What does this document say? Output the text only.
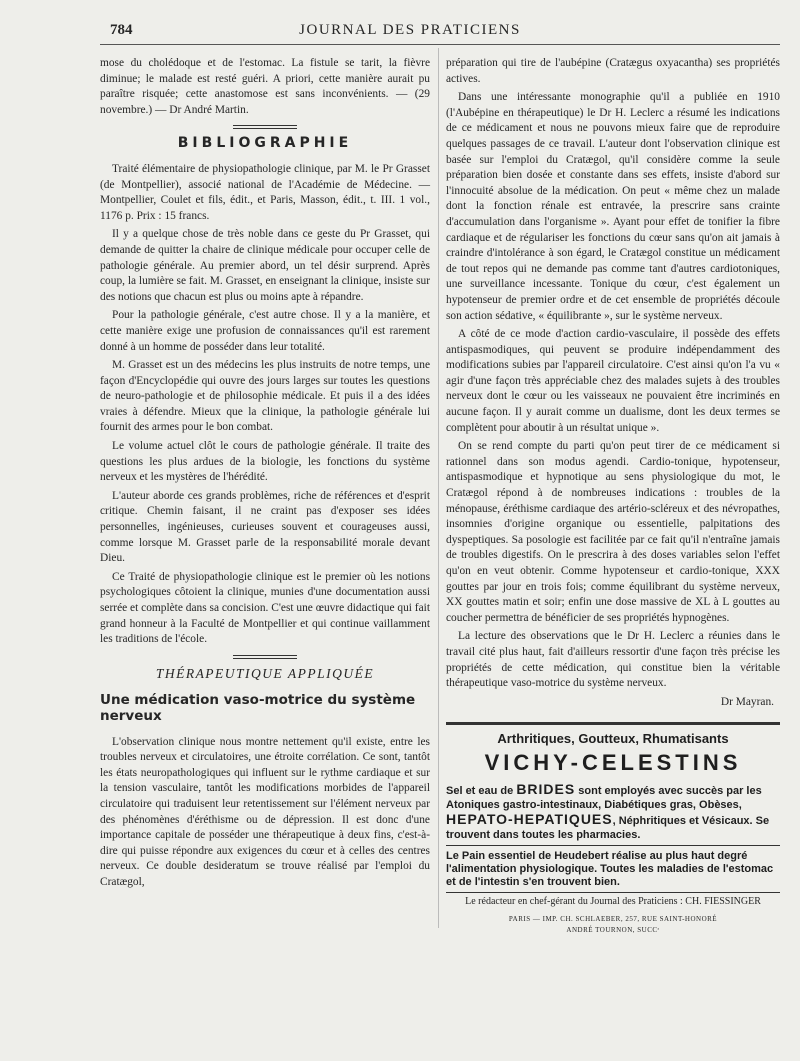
784	JOURNAL DES PRATICIENS

mose du cholédoque et de l'estomac. La fistule se tarit, la fièvre diminue; le malade est resté guéri. A priori, cette manière aurait pu paraître risquée; cette anastomose est sans inconvénients. — (29 novembre.) — Dr André Martin.

BIBLIOGRAPHIE

Traité élémentaire de physiopathologie clinique, par M. le Pr Grasset (de Montpellier), associé national de l'Académie de Médecine. — Montpellier, Coulet et fils, édit., et Paris, Masson, édit., t. III. 1 vol., 1176 p. Prix : 15 francs.

Il y a quelque chose de très noble dans ce geste du Pr Grasset, qui demande de quitter la chaire de clinique médicale pour occuper celle de pathologie générale. Au premier abord, un tel désir surprend. Après coup, la lumière se fait. M. Grasset, en enseignant la clinique, insiste sur des notions que chacun est plus ou moins apte à répandre.

Pour la pathologie générale, c'est autre chose. Il y a la manière, et cette manière exige une profusion de connaissances qu'il est rarement donné à un homme de posséder dans leur totalité.

M. Grasset est un des médecins les plus instruits de notre temps, une façon d'Encyclopédie qui ouvre des jours larges sur toutes les questions de neuro-pathologie et de philosophie médicale. Et puis il a des idées vraies à défendre. Mieux que la clinique, la pathologie générale lui fournit des armes pour le bon combat.

Le volume actuel clôt le cours de pathologie générale. Il traite des questions les plus ardues de la biologie, les fonctions du système nerveux et les mystères de l'hérédité.

L'auteur aborde ces grands problèmes, riche de références et d'esprit critique. Chemin faisant, il ne craint pas d'exposer ses idées personnelles, ingénieuses, curieuses souvent et courageuses aussi, comme lorsque M. Grasset parle de la responsabilité morale devant Dieu.

Ce Traité de physiopathologie clinique est le premier où les notions psychologiques côtoient la clinique, munies d'une documentation aussi serrée et complète dans sa concision. C'est une œuvre didactique qui fait grand honneur à la Faculté de Montpellier et qui continue vaillamment les traditions de l'école.

THÉRAPEUTIQUE APPLIQUÉE
Une médication vaso-motrice du système nerveux

L'observation clinique nous montre nettement qu'il existe, entre les troubles nerveux et circulatoires, une étroite corrélation. Ce sont, tantôt les états neuropathologiques qui influent sur le rythme cardiaque et sur la tension vasculaire, tantôt les modifications morbides de l'appareil circulatoire qui traduisent leur retentissement sur l'élément nerveux par des phénomènes d'éréthisme ou de dépression. Il est donc d'une importance capitale de posséder une thérapeutique à deux fins, c'est-à-dire qui puisse répondre aux exigences du cœur et à celles des centres nerveux. Ce double desideratum se trouve réalisé par l'emploi du Cratægol,

préparation qui tire de l'aubépine (Cratægus oxyacantha) ses propriétés actives.

Dans une intéressante monographie qu'il a publiée en 1910 (l'Aubépine en thérapeutique) le Dr H. Leclerc a résumé les indications de ce médicament et nous ne pouvons mieux faire que de reproduire quelques passages de ce travail. L'auteur dont l'observation clinique est basée sur l'emploi du Cratægol, qu'il considère comme la seule préparation bien dosée et constante dans ses effets, insiste d'abord sur l'innocuité absolue de la médication. On peut « même chez un malade dont la fonction rénale est entravée, la prescrire sans crainte d'accumulation dans l'organisme ». Ayant pour effet de tonifier la fibre cardiaque et de régulariser les fonctions du cœur sans qu'on ait jamais à craindre d'intolérance à son égard, le Cratægol constitue un médicament de tout repos qui ne demande pas comme tant d'autres cardiotoniques, une surveillance incessante. Tonique du cœur, c'est également un hypotenseur de premier ordre et de cet ensemble de propriétés découle son action sédative, « équilibrante », sur le système nerveux.

A côté de ce mode d'action cardio-vasculaire, il possède des effets antispasmodiques, qui peuvent se produire indépendamment des modifications subies par l'appareil circulatoire. C'est ainsi qu'on l'a vu « agir d'une façon très appréciable chez des malades sujets à des troubles nerveux dont le cœur ou les vaisseaux ne pouvaient être incriminés en aucune façon. Il y aurait comme un dualisme, dont les deux termes se complètent pour aboutir à un résultat unique ».

On se rend compte du parti qu'on peut tirer de ce médicament si rationnel dans son modus agendi. Cardio-tonique, hypotenseur, antispasmodique et hypnotique au sens physiologique du mot, le Cratægol répond à de nombreuses indications : troubles de la ménopause, éréthisme cardiaque des artério-scléreux et des névropathes, insomnies d'origine organique ou essentielle, palpitations des dyspeptiques. Sa posologie est facilitée par ce fait qu'il n'entraîne jamais de troubles digestifs. On le prescrira à des doses variables selon l'effet qu'on en veut obtenir. Comme hypotenseur et cardio-tonique, XXX gouttes par jour en trois fois; comme équilibrant du système nerveux, XX gouttes matin et soir; enfin une dose massive de XL à L gouttes au coucher permettra de bénéficier de ses propriétés hypnogènes.

La lecture des observations que le Dr H. Leclerc a réunies dans le travail cité plus haut, fait d'ailleurs ressortir d'une façon très précise les propriétés de cette médication, qui constitue bien la véritable thérapeutique vaso-motrice du système nerveux.

Dr Mayran.
Arthritiques, Goutteux, Rhumatisants
VICHY-CELESTINS
Sel et eau de BRIDES sont employés avec succès par les Atoniques gastro-intestinaux, Diabétiques gras, Obèses, HEPATO-HEPATIQUES, Néphritiques et Vésicaux. Se trouvent dans toutes les pharmacies.
Le Pain essentiel de Heudebert réalise au plus haut degré l'alimentation physiologique. Toutes les maladies de l'estomac et de l'intestin s'en trouvent bien.
Le rédacteur en chef-gérant du Journal des Praticiens : CH. FIESSINGER
PARIS — IMP. CH. SCHLAEBER, 257, RUE SAINT-HONORÉ
ANDRÉ TOURNON, SUCCʳ
